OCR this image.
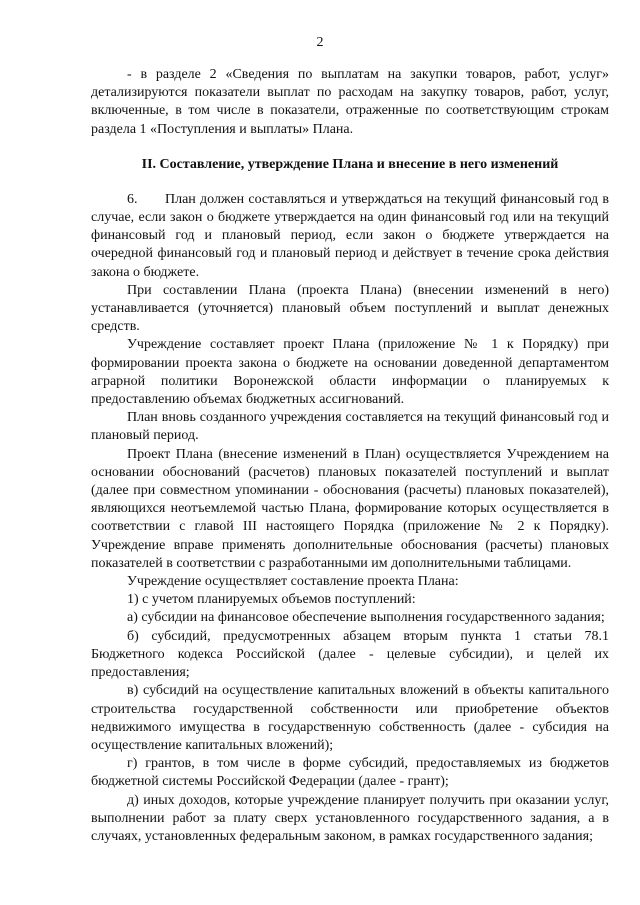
2

- в разделе 2 «Сведения по выплатам на закупки товаров, работ, услуг» детализируются показатели выплат по расходам на закупку товаров, работ, услуг, включенные, в том числе в показатели, отраженные по соответствующим строкам раздела 1 «Поступления и выплаты» Плана.

II. Составление, утверждение Плана и внесение в него изменений

6. План должен составляться и утверждаться на текущий финансовый год в случае, если закон о бюджете утверждается на один финансовый год или на текущий финансовый год и плановый период, если закон о бюджете утверждается на очередной финансовый год и плановый период и действует в течение срока действия закона о бюджете.

При составлении Плана (проекта Плана) (внесении изменений в него) устанавливается (уточняется) плановый объем поступлений и выплат денежных средств.

Учреждение составляет проект Плана (приложение № 1 к Порядку) при формировании проекта закона о бюджете на основании доведенной департаментом аграрной политики Воронежской области информации о планируемых к предоставлению объемах бюджетных ассигнований.

План вновь созданного учреждения составляется на текущий финансовый год и плановый период.

Проект Плана (внесение изменений в План) осуществляется Учреждением на основании обоснований (расчетов) плановых показателей поступлений и выплат (далее при совместном упоминании - обоснования (расчеты) плановых показателей), являющихся неотъемлемой частью Плана, формирование которых осуществляется в соответствии с главой III настоящего Порядка (приложение № 2 к Порядку). Учреждение вправе применять дополнительные обоснования (расчеты) плановых показателей в соответствии с разработанными им дополнительными таблицами.

Учреждение осуществляет составление проекта Плана:

1) с учетом планируемых объемов поступлений:

а) субсидии на финансовое обеспечение выполнения государственного задания;

б) субсидий, предусмотренных абзацем вторым пункта 1 статьи 78.1 Бюджетного кодекса Российской (далее - целевые субсидии), и целей их предоставления;

в) субсидий на осуществление капитальных вложений в объекты капитального строительства государственной собственности или приобретение объектов недвижимого имущества в государственную собственность (далее - субсидия на осуществление капитальных вложений);

г) грантов, в том числе в форме субсидий, предоставляемых из бюджетов бюджетной системы Российской Федерации (далее - грант);

д) иных доходов, которые учреждение планирует получить при оказании услуг, выполнении работ за плату сверх установленного государственного задания, а в случаях, установленных федеральным законом, в рамках государственного задания;
